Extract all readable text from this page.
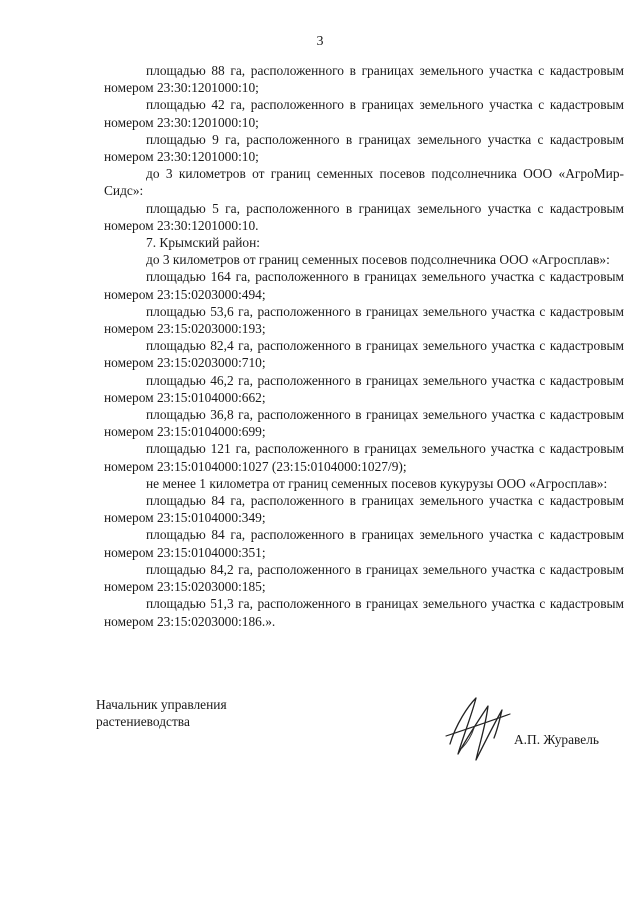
3

площадью 88 га, расположенного в границах земельного участка с кадастровым номером 23:30:1201000:10;

площадью 42 га, расположенного в границах земельного участка с кадастровым номером 23:30:1201000:10;

площадью 9 га, расположенного в границах земельного участка с кадастровым номером 23:30:1201000:10;

до 3 километров от границ семенных посевов подсолнечника ООО «АгроМир-Сидс»:

площадью 5 га, расположенного в границах земельного участка с кадастровым номером 23:30:1201000:10.

7. Крымский район:

до 3 километров от границ семенных посевов подсолнечника ООО «Агросплав»:

площадью 164 га, расположенного в границах земельного участка с кадастровым номером 23:15:0203000:494;

площадью 53,6 га, расположенного в границах земельного участка с кадастровым номером 23:15:0203000:193;

площадью 82,4 га, расположенного в границах земельного участка с кадастровым номером 23:15:0203000:710;

площадью 46,2 га, расположенного в границах земельного участка с кадастровым номером 23:15:0104000:662;

площадью 36,8 га, расположенного в границах земельного участка с кадастровым номером 23:15:0104000:699;

площадью 121 га, расположенного в границах земельного участка с кадастровым номером 23:15:0104000:1027 (23:15:0104000:1027/9);

не менее 1 километра от границ семенных посевов кукурузы ООО «Агросплав»:

площадью 84 га, расположенного в границах земельного участка с кадастровым номером 23:15:0104000:349;

площадью 84 га, расположенного в границах земельного участка с кадастровым номером 23:15:0104000:351;

площадью 84,2 га, расположенного в границах земельного участка с кадастровым номером 23:15:0203000:185;

площадью 51,3 га, расположенного в границах земельного участка с кадастровым номером 23:15:0203000:186.».

Начальник управления
растениеводства
А.П. Журавель
